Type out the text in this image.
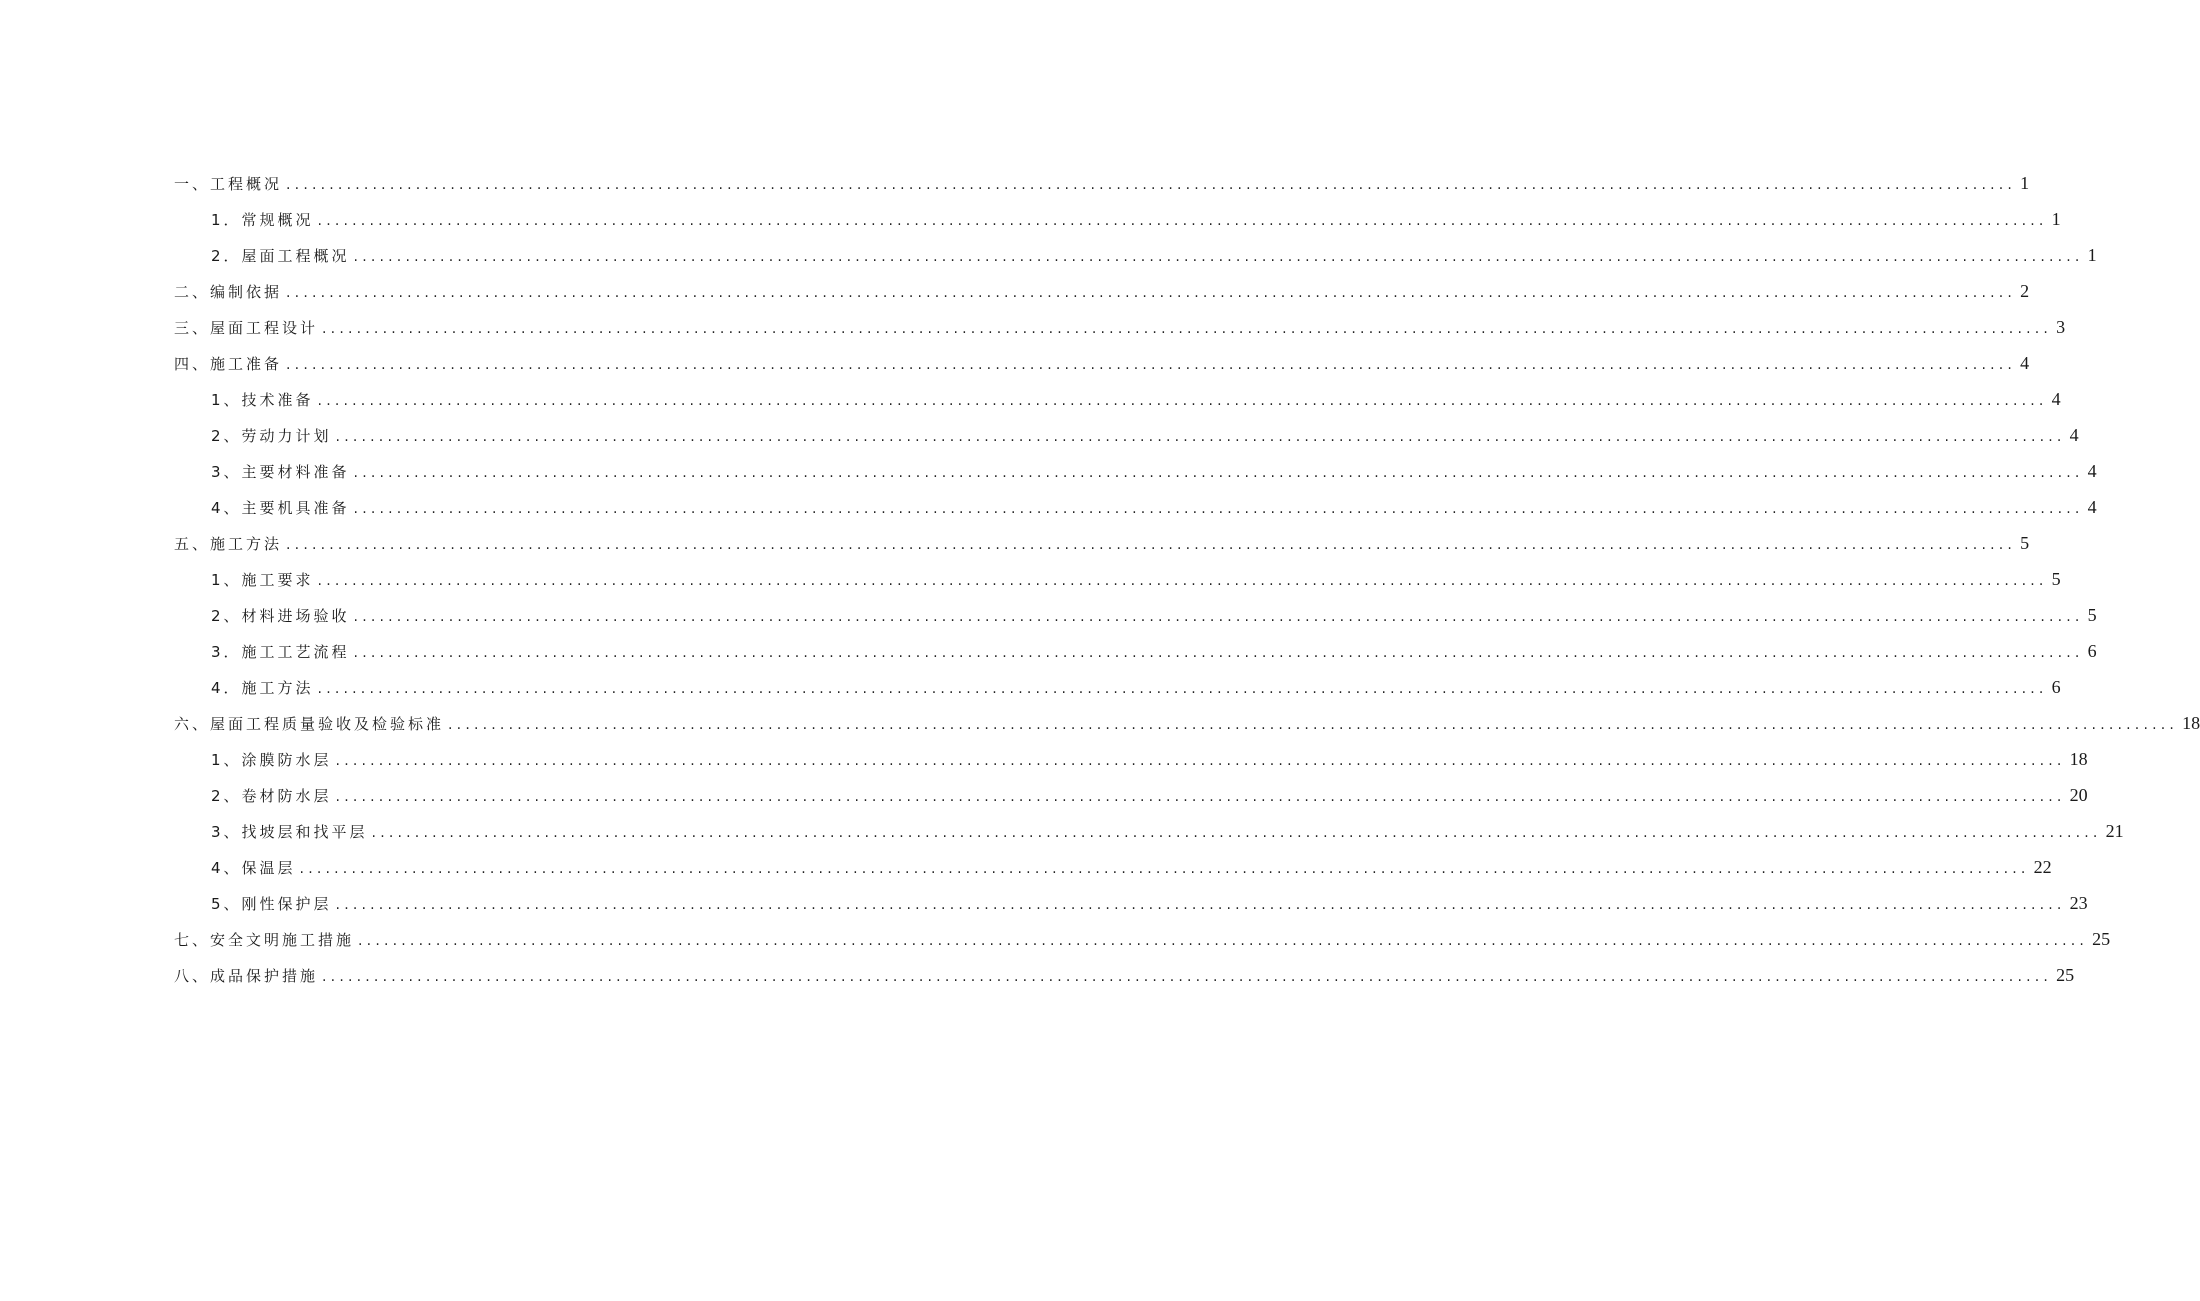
一、工程概况 ........................................................................................................................................................................................................ 1
1．常规概况 ........................................................................................................................................................................................................ 1
2．屋面工程概况 ........................................................................................................................................................................................................ 1
二、编制依据 ........................................................................................................................................................................................................ 2
三、屋面工程设计 ........................................................................................................................................................................................................ 3
四、施工准备 ........................................................................................................................................................................................................ 4
1、技术准备 ........................................................................................................................................................................................................ 4
2、劳动力计划 ........................................................................................................................................................................................................ 4
3、主要材料准备 ........................................................................................................................................................................................................ 4
4、主要机具准备 ........................................................................................................................................................................................................ 4
五、施工方法 ........................................................................................................................................................................................................ 5
1、施工要求 ........................................................................................................................................................................................................ 5
2、材料进场验收 ........................................................................................................................................................................................................ 5
3．施工工艺流程 ........................................................................................................................................................................................................ 6
4．施工方法 ........................................................................................................................................................................................................ 6
六、屋面工程质量验收及检验标准 ........................................................................................................................................................................................................ 18
1、涂膜防水层 ........................................................................................................................................................................................................ 18
2、卷材防水层 ........................................................................................................................................................................................................ 20
3、找坡层和找平层 ........................................................................................................................................................................................................ 21
4、保温层 ........................................................................................................................................................................................................ 22
5、刚性保护层 ........................................................................................................................................................................................................ 23
七、安全文明施工措施 ........................................................................................................................................................................................................ 25
八、成品保护措施 ........................................................................................................................................................................................................ 25
